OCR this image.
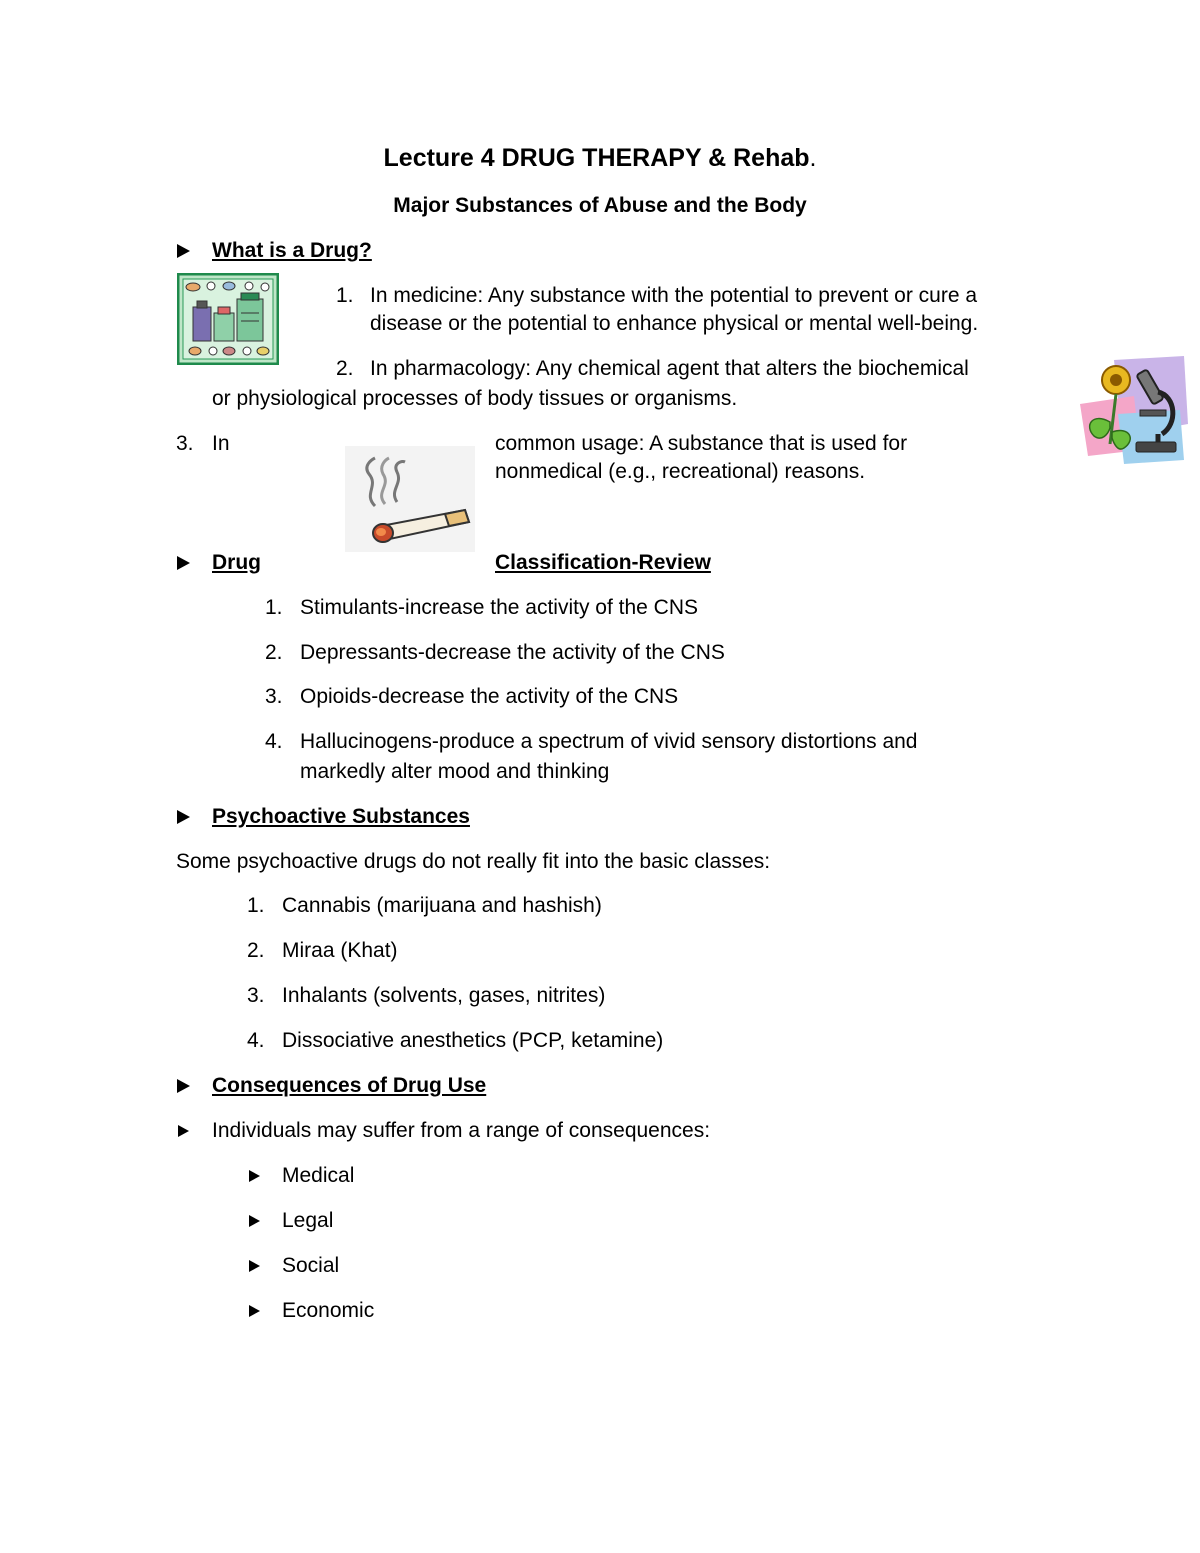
Lecture 4 DRUG THERAPY & Rehab.
Major Substances of Abuse and the Body
What is a Drug?
1. In medicine: Any substance with the potential to prevent or cure a
disease or the potential to enhance physical or mental well-being.
2. In pharmacology: Any chemical agent that alters the biochemical
or physiological processes of body tissues or organisms.
3. In	common usage: A substance that is used for
nonmedical (e.g., recreational) reasons.
Drug	Classification-Review
1. Stimulants-increase the activity of the CNS
2. Depressants-decrease the activity of the CNS
3. Opioids-decrease the activity of the CNS
4. Hallucinogens-produce a spectrum of vivid sensory distortions and
markedly alter mood and thinking
Psychoactive Substances
Some psychoactive drugs do not really fit into the basic classes:
1. Cannabis (marijuana and hashish)
2. Miraa (Khat)
3. Inhalants (solvents, gases, nitrites)
4. Dissociative anesthetics (PCP, ketamine)
Consequences of Drug Use
Individuals may suffer from a range of consequences:
Medical
Legal
Social
Economic
